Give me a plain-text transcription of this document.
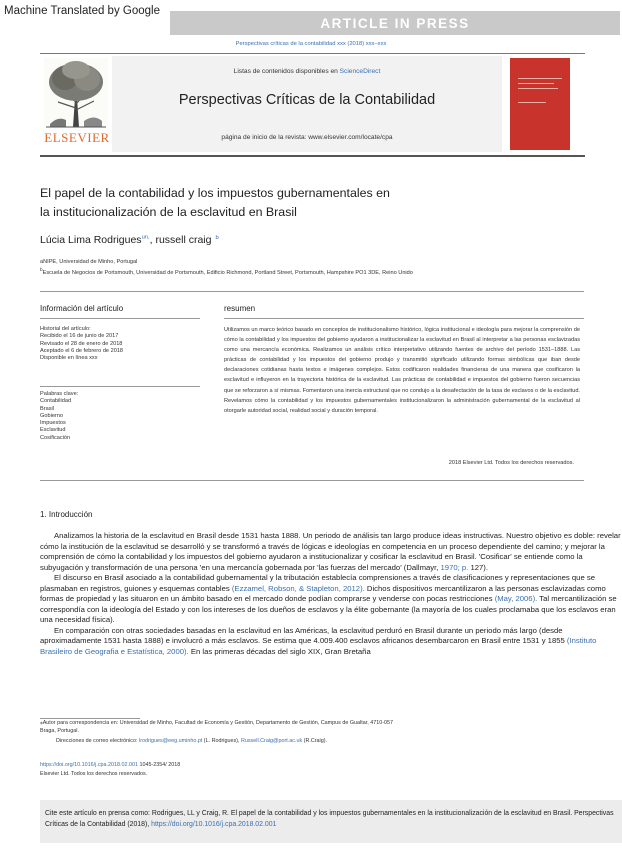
Machine Translated by Google
ARTICLE IN PRESS
Perspectivas críticas de la contabilidad xxx (2018) xxx–xxx
ELSEVIER
Listas de contenidos disponibles en ScienceDirect
Perspectivas Críticas de la Contabilidad
página de inicio de la revista: www.elsevier.com/locate/cpa
El papel de la contabilidad y los impuestos gubernamentales en
la institucionalización de la esclavitud en Brasil
Lúcia Lima Rodrigues$^{un,}$, russell craig $^b$
aNIPE, Universidad de Minho, Portugal
$^b$Escuela de Negocios de Portsmouth, Universidad de Portsmouth, Edificio Richmond, Portland Street, Portsmouth, Hampshire PO1 3DE, Reino Unido
Información del artículo
Historial del artículo:
Recibido el 16 de junio de 2017
Revisado el 28 de enero de 2018
Aceptado el 6 de febrero de 2018
Disponible en línea xxx
Palabras clave:
Contabilidad
Brasil
Gobierno
Impuestos
Esclavitud
Cosificación
resumen
Utilizamos un marco teórico basado en conceptos de institucionalismo histórico, lógica institucional e ideología para mejorar la comprensión de cómo la contabilidad y los impuestos del gobierno ayudaron a institucionalizar la esclavitud en Brasil al interpretar a las personas esclavizadas como una mercancía económica. Realizamos un análisis crítico interpretativo utilizando fuentes de archivo del período 1531–1888. Las prácticas de contabilidad y los impuestos del gobierno produjo y transmitió significado utilizando formas simbólicas que iban desde declaraciones cotidianas hasta textos e imágenes complejos. Estos codificaron realidades financieras de una manera que cosificaron la esclavitud e influyeron en la trayectoria histórica de la esclavitud. Las prácticas de contabilidad e impuestos del gobierno fueron secuencias que se reforzaron a sí mismas. Fomentaron una inercia estructural que no condujo a la desafectación de la tasa de esclavos o de la esclavitud. Revelamos cómo la contabilidad y los impuestos gubernamentales institucionalizaron la administración gubernamental de la esclavitud al otorgarle autoridad social, realidad social y duración temporal.
2018 Elsevier Ltd. Todos los derechos reservados.
1. Introducción

Analizamos la historia de la esclavitud en Brasil desde 1531 hasta 1888. Un periodo de análisis tan largo produce ideas instructivas. Nuestro objetivo es doble: revelar cómo la institución de la esclavitud se desarrolló y se transformó a través de lógicas e ideologías en competencia en un proceso dependiente del camino; y mejorar la comprensión de cómo la contabilidad y los impuestos del gobierno ayudaron a institucionalizar y cosificar la esclavitud en Brasil. 'Cosificar' se entiende como la subyugación y transformación de una persona 'en una mercancía gobernada por 'las fuerzas del mercado' (Dallmayr, 1970; p. 127).

El discurso en Brasil asociado a la contabilidad gubernamental y la tributación establecía comprensiones a través de clasificaciones y representaciones que se plasmaban en registros, guiones y esquemas contables (Ezzamel, Robson, & Stapleton, 2012). Dichos dispositivos mercantilizaron a las personas esclavizadas como formas de propiedad y las situaron en un ámbito basado en el mercado donde podían comprarse y venderse con pocas restricciones (May, 2006). Tal mercantilización se correspondía con la ideología del Estado y con los intereses de los dueños de esclavos y la élite gobernante (la mayoría de los cuales proclamaba que los esclavos eran una necesidad física).

En comparación con otras sociedades basadas en la esclavitud en las Américas, la esclavitud perduró en Brasil durante un periodo más largo (desde aproximadamente 1531 hasta 1888) e involucró a más esclavos. Se estima que 4.009.400 esclavos africanos desembarcaron en Brasil entre 1531 y 1855 (Instituto Brasileiro de Geografia e Estatística, 2000). En las primeras décadas del siglo XIX, Gran Bretaña

⁎Autor para correspondencia en: Universidad de Minho, Facultad de Economía y Gestión, Departamento de Gestión, Campus de Gualtar, 4710-057
Braga, Portugal.
Direcciones de correo electrónico: lrodrigues@eeg.uminho.pt (L. Rodrigues), Russell.Craig@port.ac.uk (R.Craig).
https://doi.org/10.1016/j.cpa.2018.02.001 1045-2354/ 2018
Elsevier Ltd. Todos los derechos reservados.
Cite este artículo en prensa como: Rodrigues, LL y Craig, R. El papel de la contabilidad y los impuestos gubernamentales en la institucionalización de la esclavitud en Brasil. Perspectivas Críticas de la Contabilidad (2018), https://doi.org/10.1016/j.cpa.2018.02.001
